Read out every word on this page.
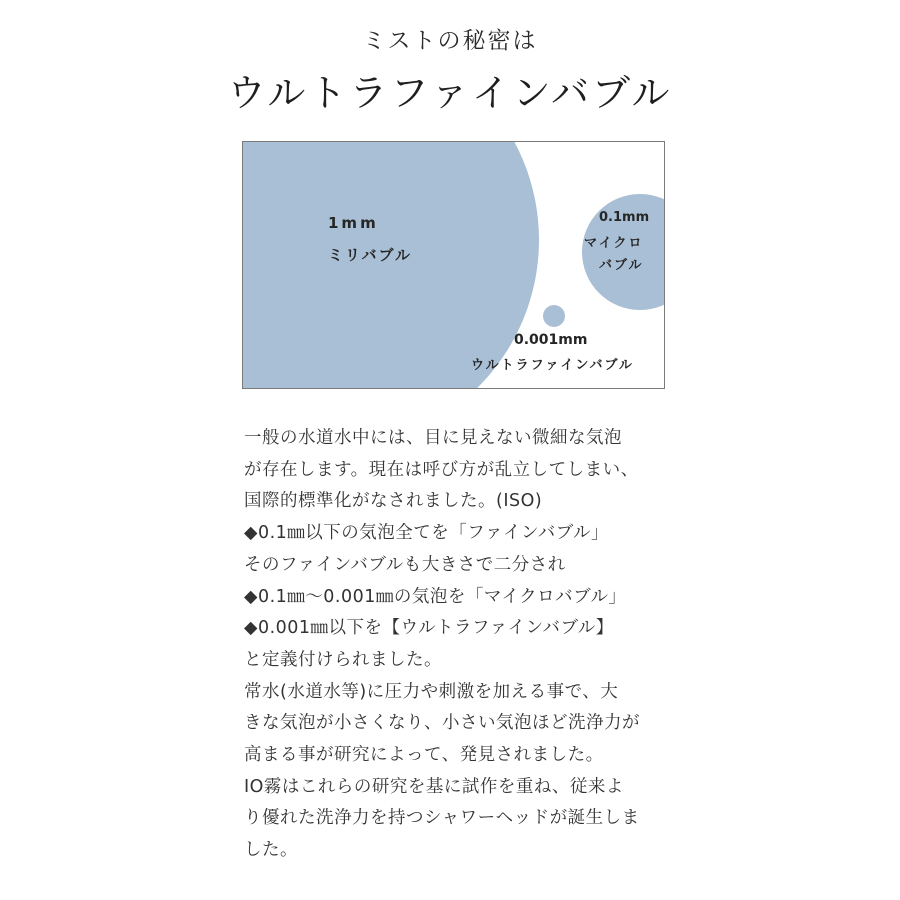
ミストの秘密は
ウルトラファインバブル
1mm
ミリバブル
0.1mm
マイクロ
バブル
0.001mm
ウルトラファインバブル
一般の水道水中には、目に見えない微細な気泡
が存在します。現在は呼び方が乱立してしまい、
国際的標準化がなされました。(ISO)
◆0.1㎜以下の気泡全てを「ファインバブル」
そのファインバブルも大きさで二分され
◆0.1㎜〜0.001㎜の気泡を「マイクロバブル」
◆0.001㎜以下を【ウルトラファインバブル】
と定義付けられました。
常水(水道水等)に圧力や刺激を加える事で、大
きな気泡が小さくなり、小さい気泡ほど洗浄力が
高まる事が研究によって、発見されました。
IO霧はこれらの研究を基に試作を重ね、従来よ
り優れた洗浄力を持つシャワーヘッドが誕生しま
した。
